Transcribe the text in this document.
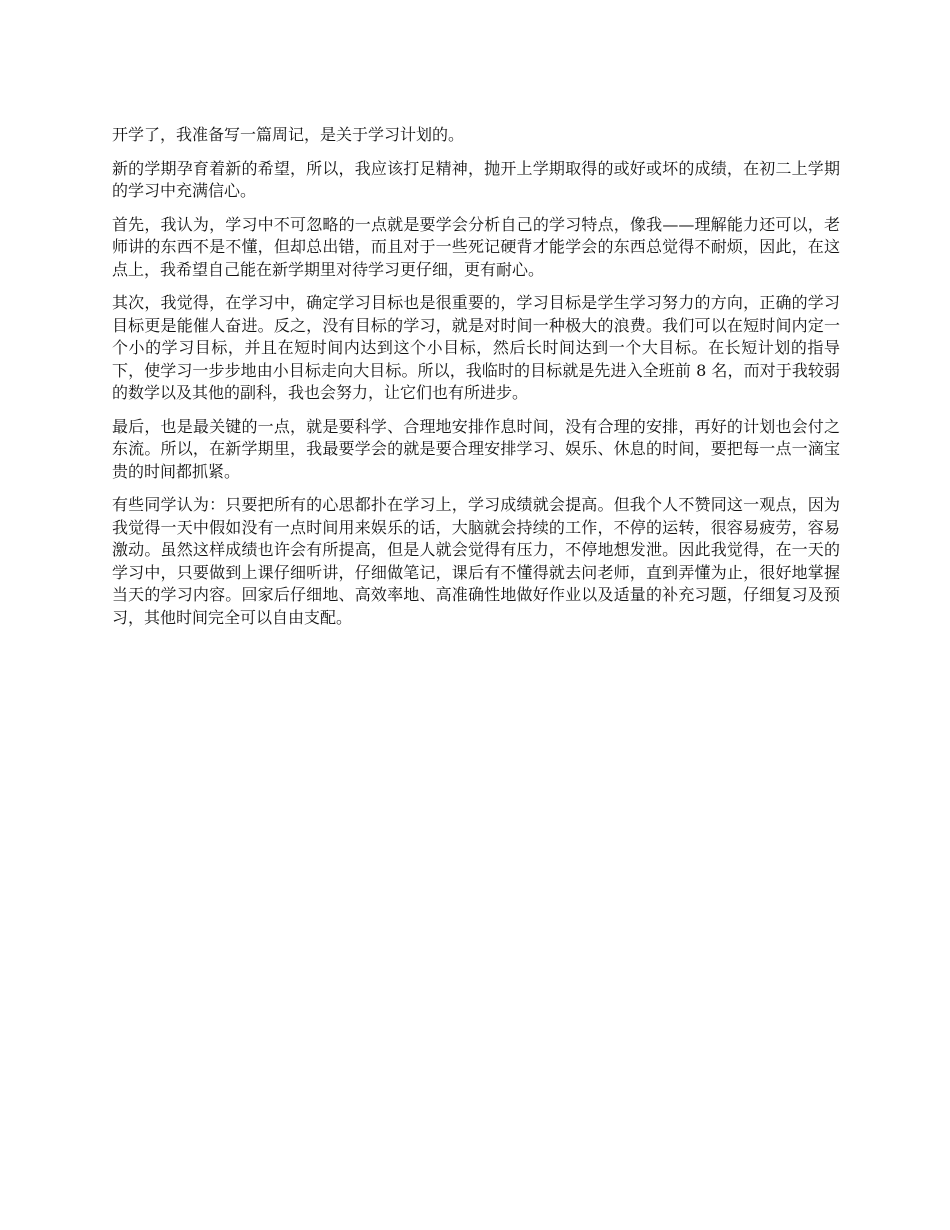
开学了，我准备写一篇周记，是关于学习计划的。

新的学期孕育着新的希望，所以，我应该打足精神，抛开上学期取得的或好或坏的成绩，在初二上学期的学习中充满信心。

首先，我认为，学习中不可忽略的一点就是要学会分析自己的学习特点，像我——理解能力还可以，老师讲的东西不是不懂，但却总出错，而且对于一些死记硬背才能学会的东西总觉得不耐烦，因此，在这点上，我希望自己能在新学期里对待学习更仔细，更有耐心。

其次，我觉得，在学习中，确定学习目标也是很重要的，学习目标是学生学习努力的方向，正确的学习目标更是能催人奋进。反之，没有目标的学习，就是对时间一种极大的浪费。我们可以在短时间内定一个小的学习目标，并且在短时间内达到这个小目标，然后长时间达到一个大目标。在长短计划的指导下，使学习一步步地由小目标走向大目标。所以，我临时的目标就是先进入全班前 8 名，而对于我较弱的数学以及其他的副科，我也会努力，让它们也有所进步。

最后，也是最关键的一点，就是要科学、合理地安排作息时间，没有合理的安排，再好的计划也会付之东流。所以，在新学期里，我最要学会的就是要合理安排学习、娱乐、休息的时间，要把每一点一滴宝贵的时间都抓紧。

有些同学认为：只要把所有的心思都扑在学习上，学习成绩就会提高。但我个人不赞同这一观点，因为我觉得一天中假如没有一点时间用来娱乐的话，大脑就会持续的工作，不停的运转，很容易疲劳，容易激动。虽然这样成绩也许会有所提高，但是人就会觉得有压力，不停地想发泄。因此我觉得，在一天的学习中，只要做到上课仔细听讲，仔细做笔记，课后有不懂得就去问老师，直到弄懂为止，很好地掌握当天的学习内容。回家后仔细地、高效率地、高准确性地做好作业以及适量的补充习题，仔细复习及预习，其他时间完全可以自由支配。
